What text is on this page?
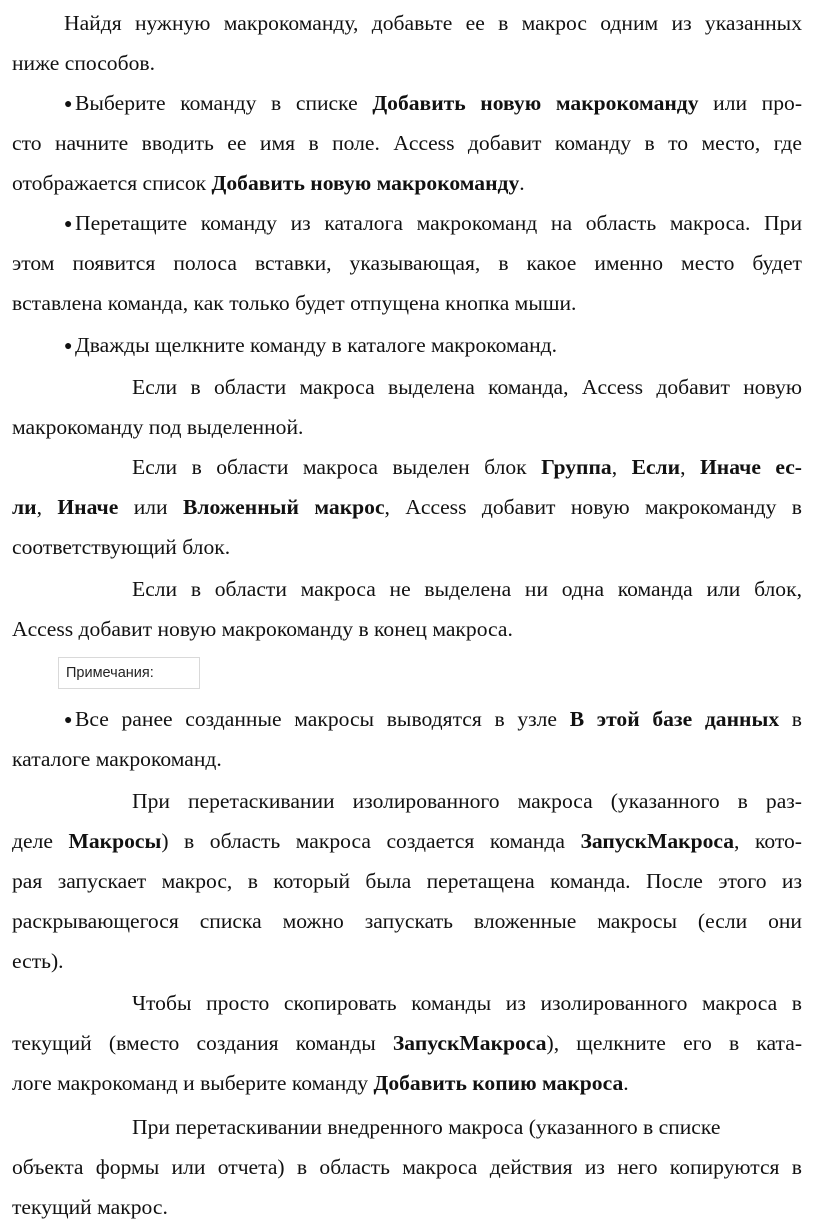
Найдя нужную макрокоманду, добавьте ее в макрос одним из указанных
ниже способов.
● Выберите команду в списке Добавить новую макрокоманду или про-
сто начните вводить ее имя в поле. Access добавит команду в то место, где
отображается список Добавить новую макрокоманду.
● Перетащите команду из каталога макрокоманд на область макроса. При
этом появится полоса вставки, указывающая, в какое именно место будет
вставлена команда, как только будет отпущена кнопка мыши.
● Дважды щелкните команду в каталоге макрокоманд.
Если в области макроса выделена команда, Access добавит новую
макрокоманду под выделенной.
Если в области макроса выделен блок Группа, Если, Иначе ес-
ли, Иначе или Вложенный макрос, Access добавит новую макрокоманду в
соответствующий блок.
Если в области макроса не выделена ни одна команда или блок,
Access добавит новую макрокоманду в конец макроса.
Примечания:
● Все ранее созданные макросы выводятся в узле В этой базе данных в
каталоге макрокоманд.
При перетаскивании изолированного макроса (указанного в раз-
деле Макросы) в область макроса создается команда ЗапускМакроса, кото-
рая запускает макрос, в который была перетащена команда. После этого из
раскрывающегося списка можно запускать вложенные макросы (если они
есть).
Чтобы просто скопировать команды из изолированного макроса в
текущий (вместо создания команды ЗапускМакроса), щелкните его в ката-
логе макрокоманд и выберите команду Добавить копию макроса.
При перетаскивании внедренного макроса (указанного в списке
объекта формы или отчета) в область макроса действия из него копируются в
текущий макрос.
